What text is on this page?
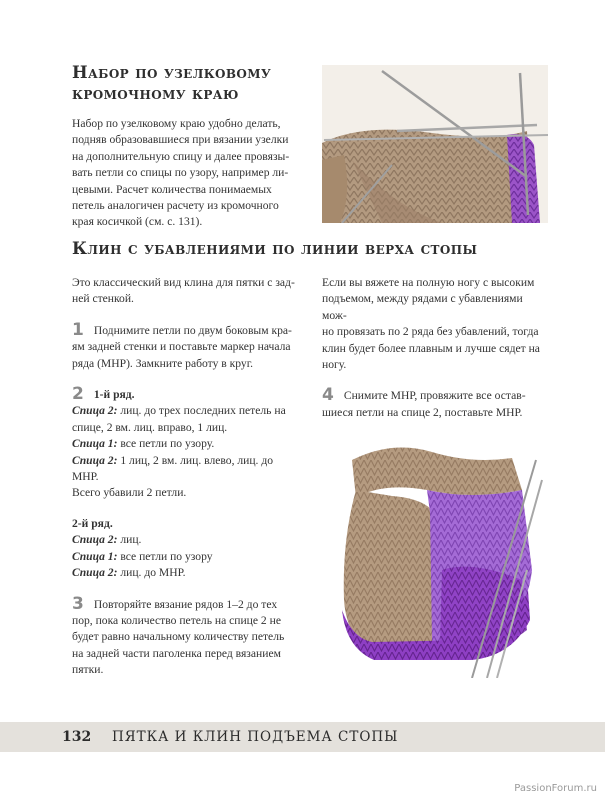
Набор по узелковому
кромочному краю
Набор по узелковому краю удобно делать,
подняв образовавшиеся при вязании узелки
на дополнительную спицу и далее провязы-
вать петли со спицы по узору, например ли-
цевыми. Расчет количества понимаемых
петель аналогичен расчету из кромочного
края косичкой (см. с. 131).
Клин с убавлениями по линии верха стопы

Это классический вид клина для пятки с зад-
ней стенкой.

1 Поднимите петли по двум боковым кра-
ям задней стенки и поставьте маркер начала
ряда (МНР). Замкните работу в круг.

2 1-й ряд.
Спица 2: лиц. до трех последних петель на
спице, 2 вм. лиц. вправо, 1 лиц.
Спица 1: все петли по узору.
Спица 2: 1 лиц, 2 вм. лиц. влево, лиц. до
МНР.
Всего убавили 2 петли.
2-й ряд.
Спица 2: лиц.
Спица 1: все петли по узору
Спица 2: лиц. до МНР.

3 Повторяйте вязание рядов 1–2 до тех
пор, пока количество петель на спице 2 не
будет равно начальному количеству петель
на задней части паголенка перед вязанием
пятки.

Если вы вяжете на полную ногу с высоким
подъемом, между рядами с убавлениями мож-
но провязать по 2 ряда без убавлений, тогда
клин будет более плавным и лучше сядет на
ногу.

4 Снимите МНР, провяжите все остав-
шиеся петли на спице 2, поставьте МНР.

132 ПЯТКА И КЛИН ПОДЪЕМА СТОПЫ
PassionForum.ru
